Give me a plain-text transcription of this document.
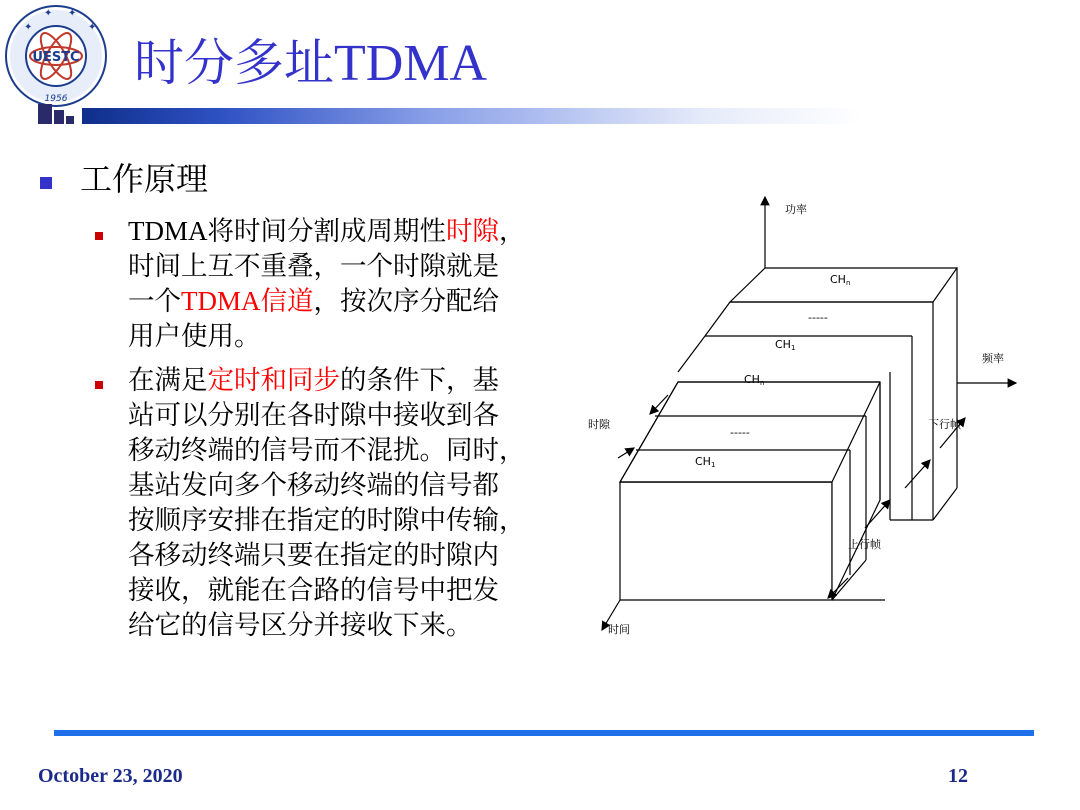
UESTC
1956
✦
✦ ✦
✦
时分多址TDMA
工作原理
TDMA将时间分割成周期性时隙，
时间上互不重叠，一个时隙就是
一个TDMA信道，按次序分配给
用户使用。
在满足定时和同步的条件下，基
站可以分别在各时隙中接收到各
移动终端的信号而不混扰。同时，
基站发向多个移动终端的信号都
按顺序安排在指定的时隙中传输，
各移动终端只要在指定的时隙内
接收，就能在合路的信号中把发
给它的信号区分并接收下来。
功率
频率
时隙
时间
下行帧
上行帧
CHn
-----
CH1
CHn
-----
CH1
October 23, 2020	12
